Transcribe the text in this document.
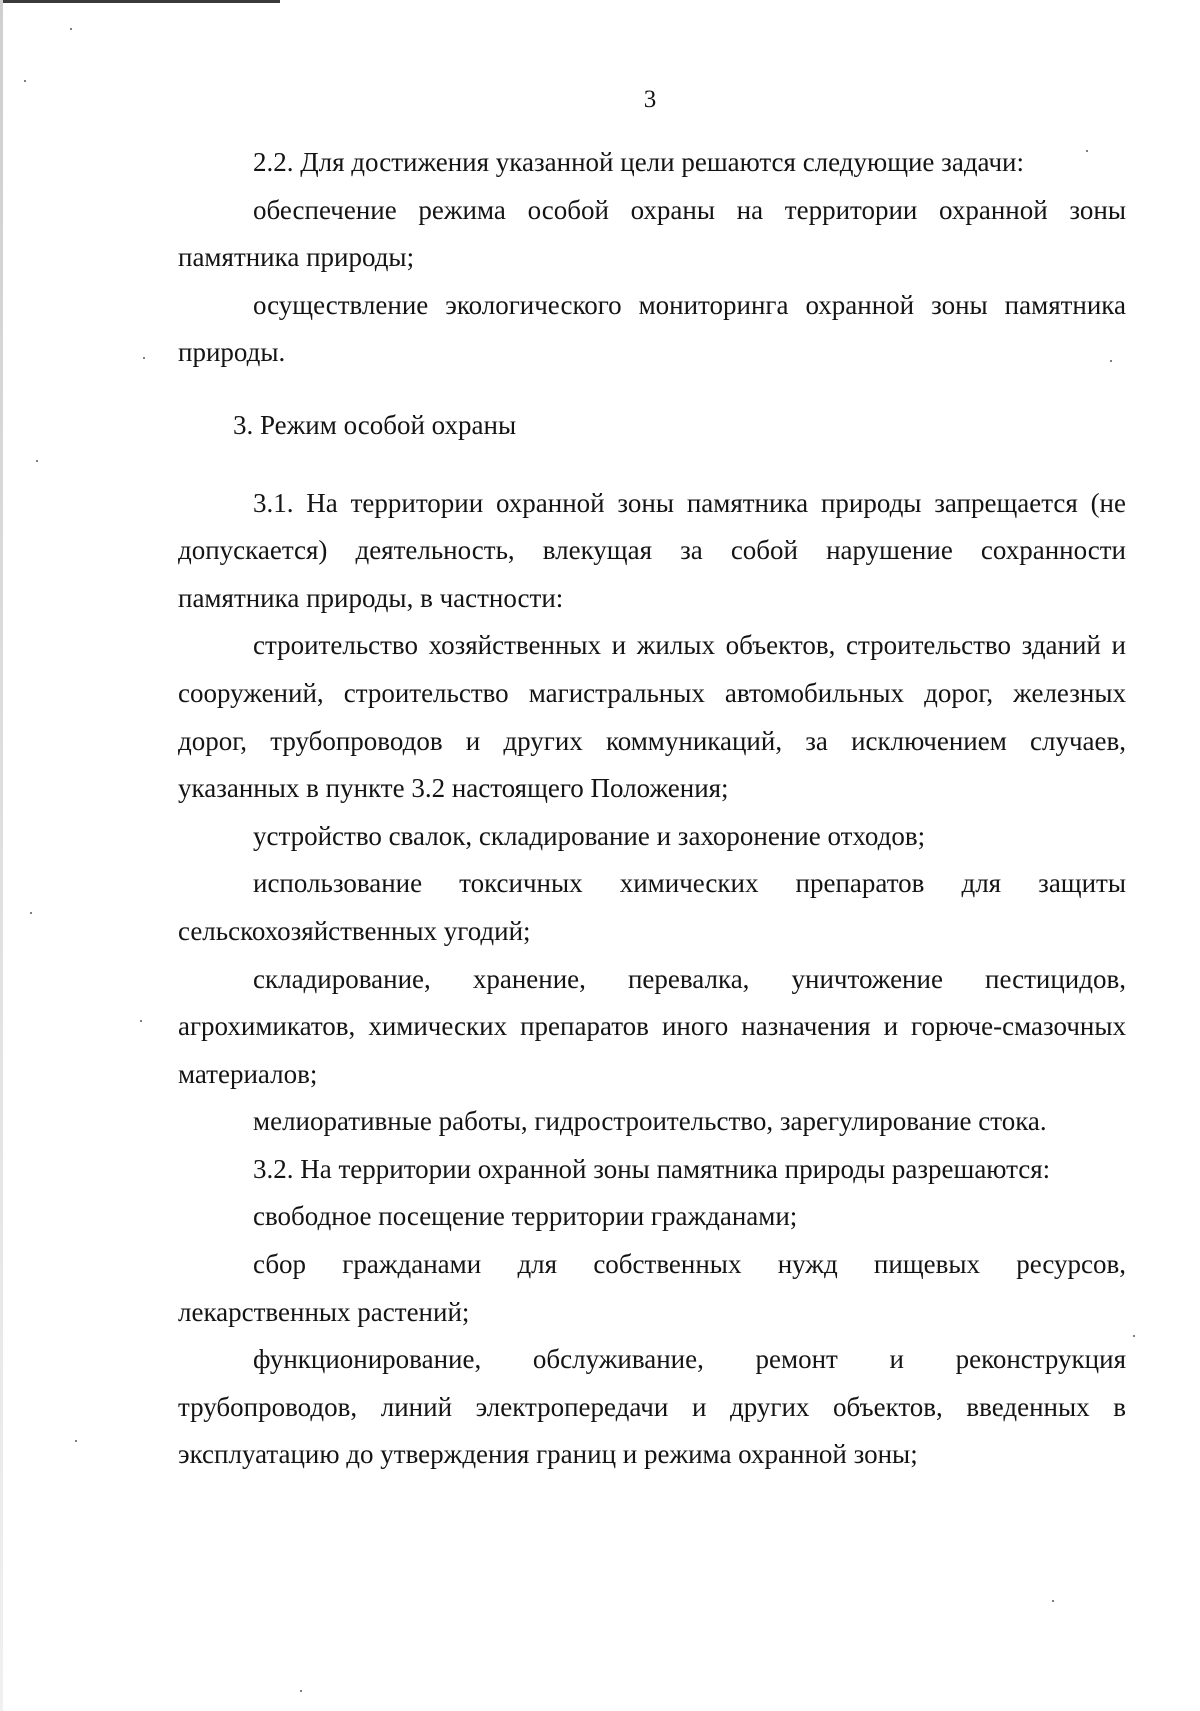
3

2.2. Для достижения указанной цели решаются следующие задачи:

обеспечение режима особой охраны на территории охранной зоны памятника природы;

осуществление экологического мониторинга охранной зоны памятника природы.

3. Режим особой охраны

3.1. На территории охранной зоны памятника природы запрещается (не допускается) деятельность, влекущая за собой нарушение сохранности памятника природы, в частности:

строительство хозяйственных и жилых объектов, строительство зданий и сооружений, строительство магистральных автомобильных дорог, железных дорог, трубопроводов и других коммуникаций, за исключением случаев, указанных в пункте 3.2 настоящего Положения;

устройство свалок, складирование и захоронение отходов;

использование токсичных химических препаратов для защиты сельскохозяйственных угодий;

складирование, хранение, перевалка, уничтожение пестицидов, агрохимикатов, химических препаратов иного назначения и горюче-смазочных материалов;

мелиоративные работы, гидростроительство, зарегулирование стока.

3.2. На территории охранной зоны памятника природы разрешаются:

свободное посещение территории гражданами;

сбор гражданами для собственных нужд пищевых ресурсов, лекарственных растений;

функционирование, обслуживание, ремонт и реконструкция трубопроводов, линий электропередачи и других объектов, введенных в эксплуатацию до утверждения границ и режима охранной зоны;
